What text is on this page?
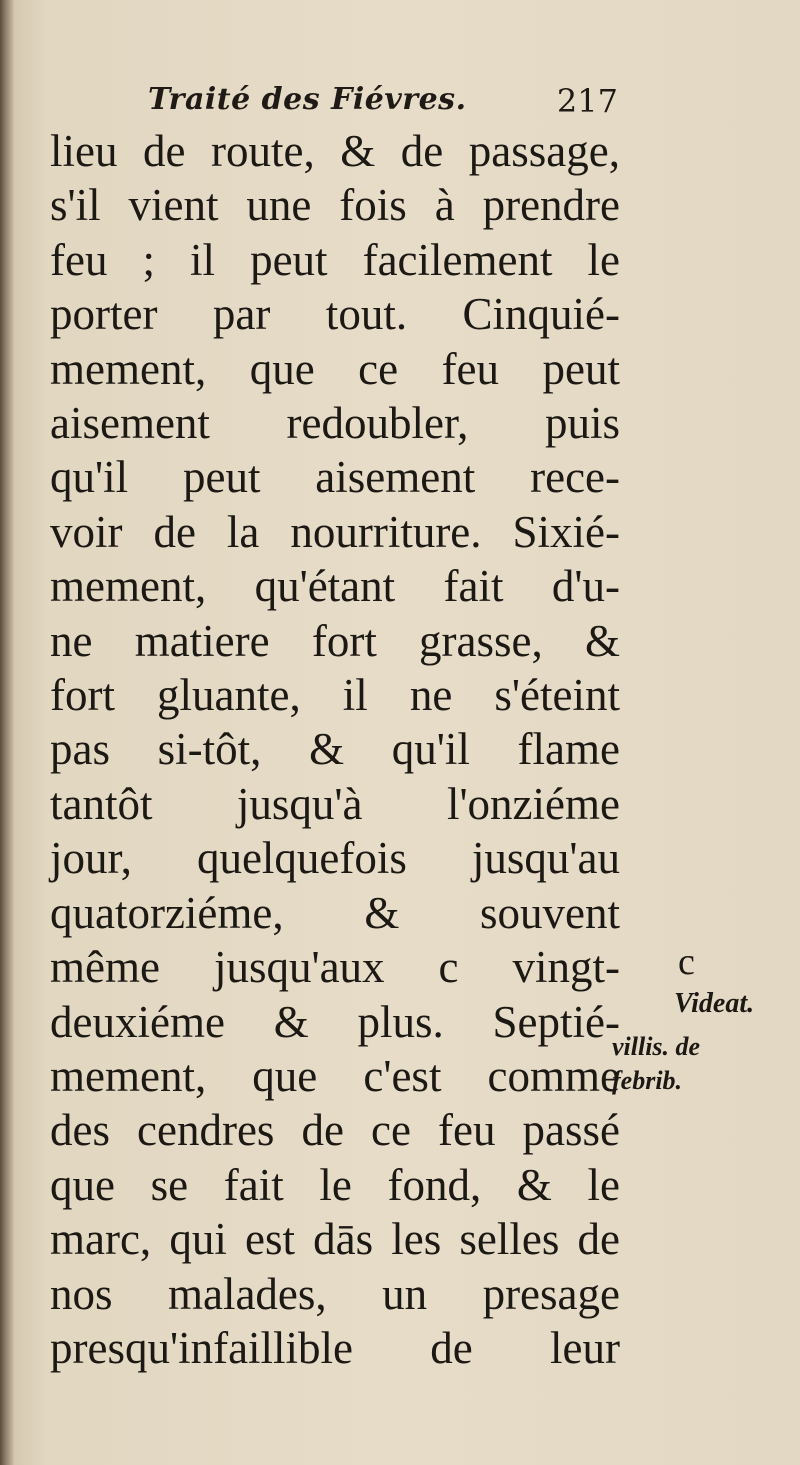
Traité des Fiévres.	217
lieu de route, & de passage,
s'il vient une fois à prendre
feu ; il peut facilement le
porter par tout. Cinquié-
mement, que ce feu peut
aisement redoubler, puis
qu'il peut aisement rece-
voir de la nourriture. Sixié-
mement, qu'étant fait d'u-
ne matiere fort grasse, &
fort gluante, il ne s'éteint
pas si-tôt, & qu'il flame
tantôt jusqu'à l'onziéme
jour, quelquefois jusqu'au
quatorziéme, & souvent
même jusqu'aux c vingt-
deuxiéme & plus. Septié-
mement, que c'est comme
des cendres de ce feu passé
que se fait le fond, & le
marc, qui est dās les selles de
nos malades, un presage
presqu'infaillible de leur
c
Videat.
villis. de
febrib.
